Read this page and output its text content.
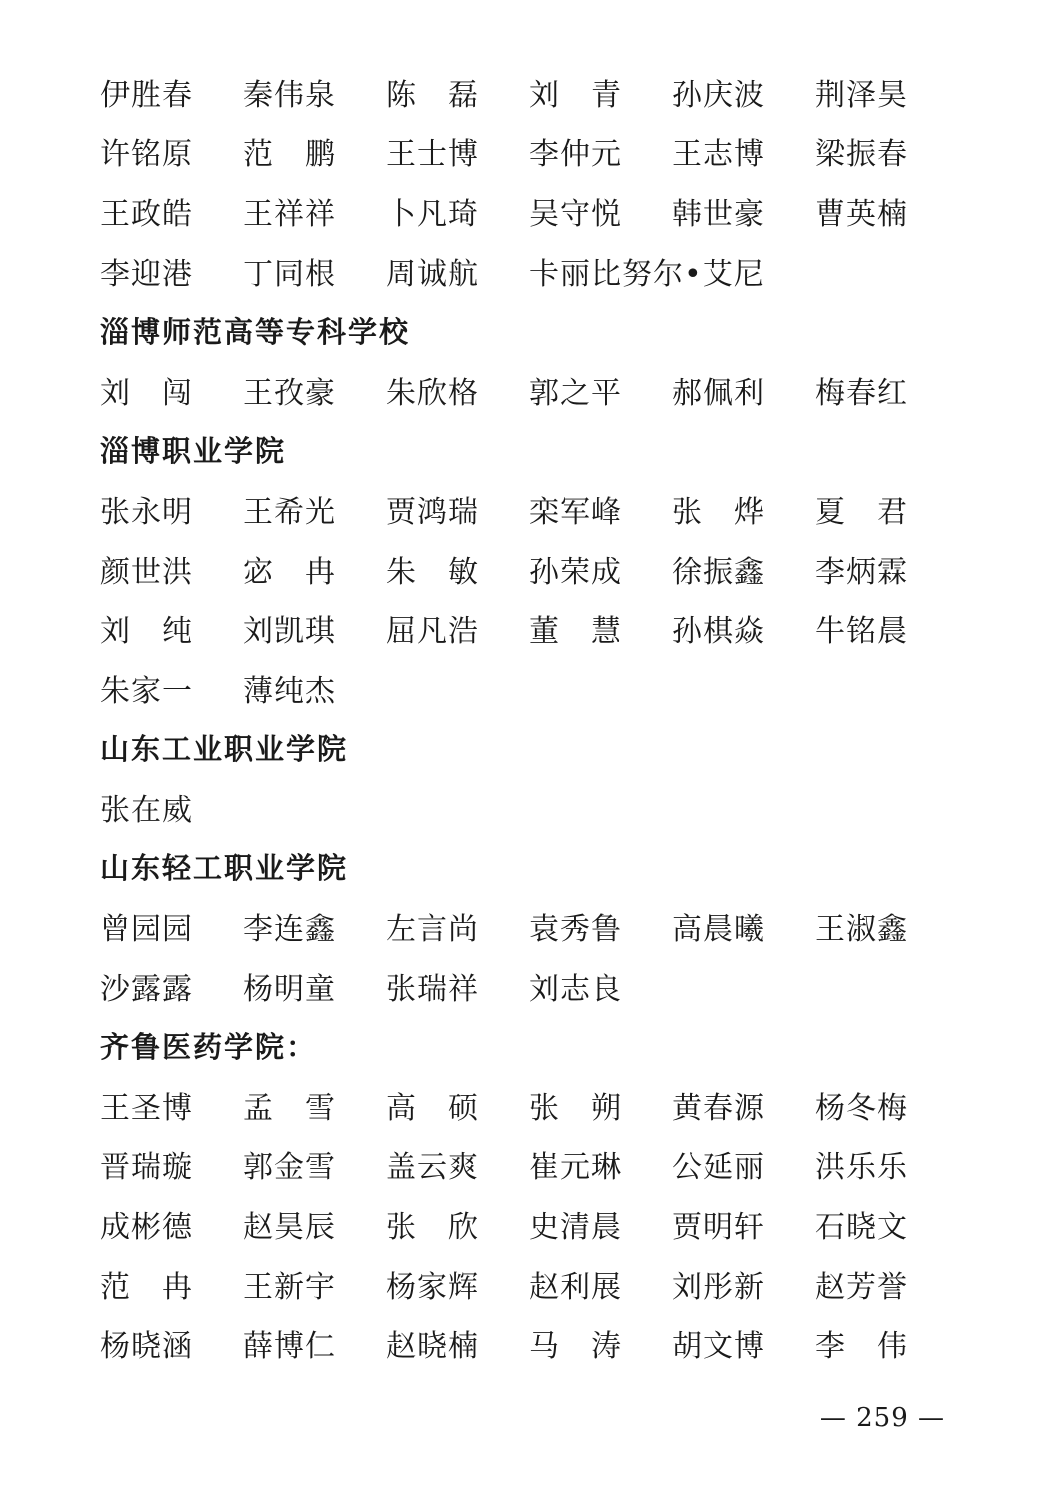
伊胜春	秦伟泉	陈　磊	刘　青	孙庆波	荆泽昊
许铭原	范　鹏	王士博	李仲元	王志博	梁振春
王政皓	王祥祥	卜凡琦	吴守悦	韩世豪	曹英楠
李迎港	丁同根	周诚航	卡丽比努尔•艾尼
淄博师范高等专科学校
刘　闯	王孜豪	朱欣格	郭之平	郝佩利	梅春红
淄博职业学院
张永明	王希光	贾鸿瑞	栾军峰	张　烨	夏　君
颜世洪	宓　冉	朱　敏	孙荣成	徐振鑫	李炳霖
刘　纯	刘凯琪	屈凡浩	董　慧	孙棋焱	牛铭晨
朱家一	薄纯杰
山东工业职业学院
张在威
山东轻工职业学院
曾园园	李连鑫	左言尚	袁秀鲁	高晨曦	王淑鑫
沙露露	杨明童	张瑞祥	刘志良
齐鲁医药学院：
王圣博	孟　雪	高　硕	张　朔	黄春源	杨冬梅
晋瑞璇	郭金雪	盖云爽	崔元琳	公延丽	洪乐乐
成彬德	赵昊辰	张　欣	史清晨	贾明轩	石晓文
范　冉	王新宇	杨家辉	赵利展	刘彤新	赵芳誉
杨晓涵	薛博仁	赵晓楠	马　涛	胡文博	李　伟
— 259 —
